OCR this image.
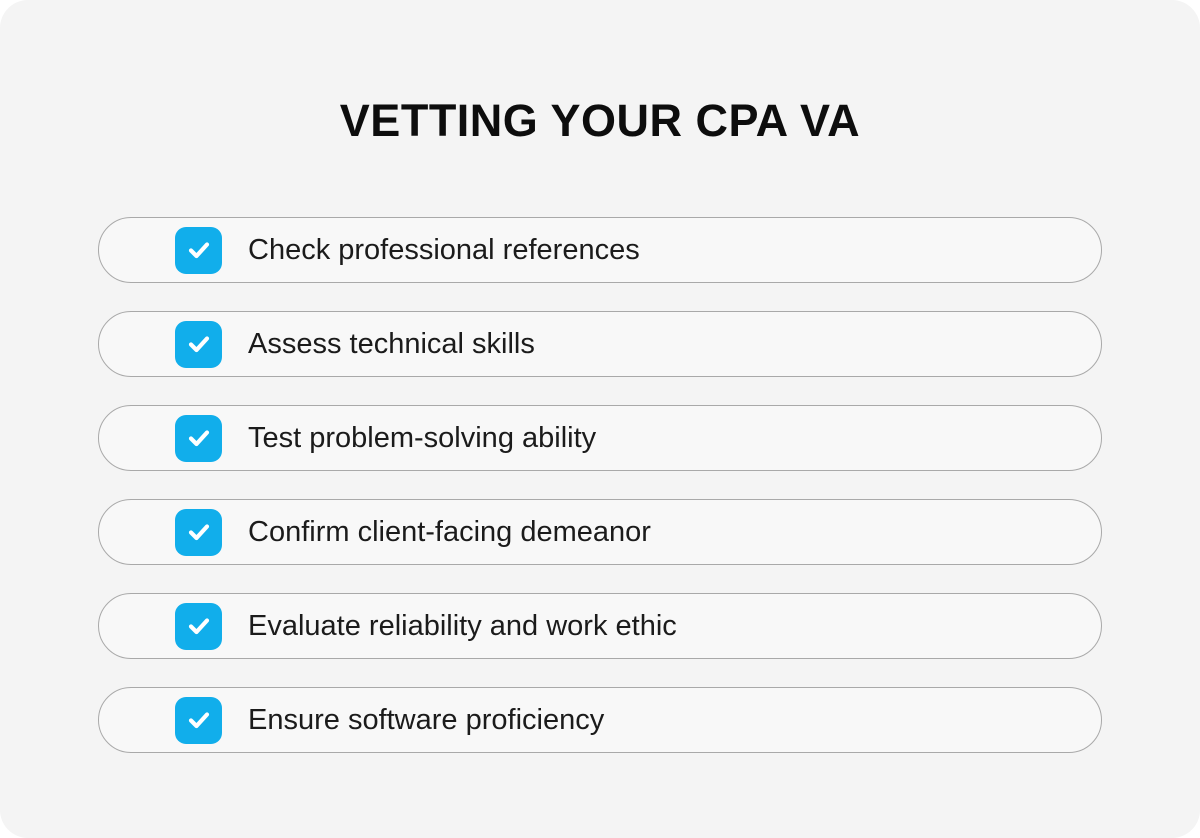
VETTING YOUR CPA VA
Check professional references
Assess technical skills
Test problem-solving ability
Confirm client-facing demeanor
Evaluate reliability and work ethic
Ensure software proficiency
